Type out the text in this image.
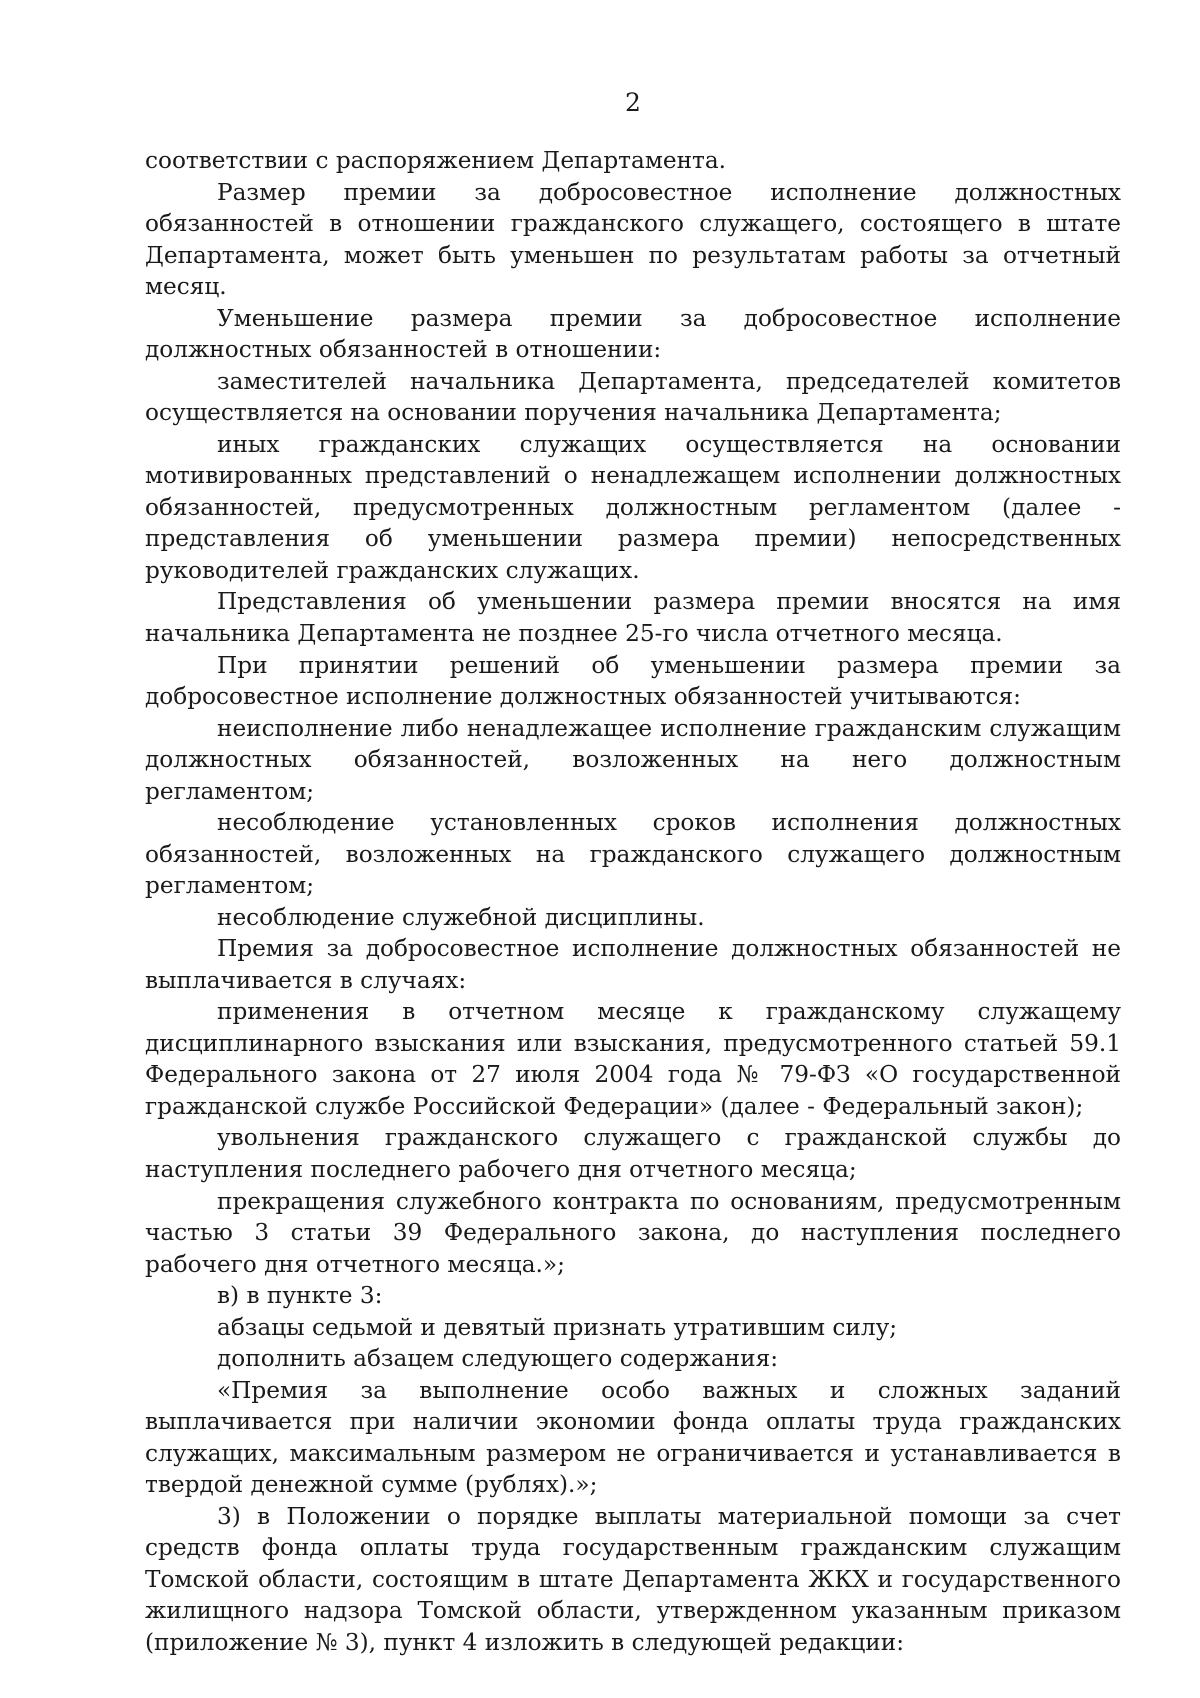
2

соответствии с распоряжением Департамента.

Размер премии за добросовестное исполнение должностных обязанностей в отношении гражданского служащего, состоящего в штате Департамента, может быть уменьшен по результатам работы за отчетный месяц.

Уменьшение размера премии за добросовестное исполнение должностных обязанностей в отношении:

заместителей начальника Департамента, председателей комитетов осуществляется на основании поручения начальника Департамента;

иных гражданских служащих осуществляется на основании мотивированных представлений о ненадлежащем исполнении должностных обязанностей, предусмотренных должностным регламентом (далее - представления об уменьшении размера премии) непосредственных руководителей гражданских служащих.

Представления об уменьшении размера премии вносятся на имя начальника Департамента не позднее 25-го числа отчетного месяца.

При принятии решений об уменьшении размера премии за добросовестное исполнение должностных обязанностей учитываются:

неисполнение либо ненадлежащее исполнение гражданским служащим должностных обязанностей, возложенных на него должностным регламентом;

несоблюдение установленных сроков исполнения должностных обязанностей, возложенных на гражданского служащего должностным регламентом;

несоблюдение служебной дисциплины.

Премия за добросовестное исполнение должностных обязанностей не выплачивается в случаях:

применения в отчетном месяце к гражданскому служащему дисциплинарного взыскания или взыскания, предусмотренного статьей 59.1 Федерального закона от 27 июля 2004 года № 79-ФЗ «О государственной гражданской службе Российской Федерации» (далее - Федеральный закон);

увольнения гражданского служащего с гражданской службы до наступления последнего рабочего дня отчетного месяца;

прекращения служебного контракта по основаниям, предусмотренным частью 3 статьи 39 Федерального закона, до наступления последнего рабочего дня отчетного месяца.»;

в) в пункте 3:

абзацы седьмой и девятый признать утратившим силу;

дополнить абзацем следующего содержания:

«Премия за выполнение особо важных и сложных заданий выплачивается при наличии экономии фонда оплаты труда гражданских служащих, максимальным размером не ограничивается и устанавливается в твердой денежной сумме (рублях).»;

3) в Положении о порядке выплаты материальной помощи за счет средств фонда оплаты труда государственным гражданским служащим Томской области, состоящим в штате Департамента ЖКХ и государственного жилищного надзора Томской области, утвержденном указанным приказом (приложение № 3), пункт 4 изложить в следующей редакции:
